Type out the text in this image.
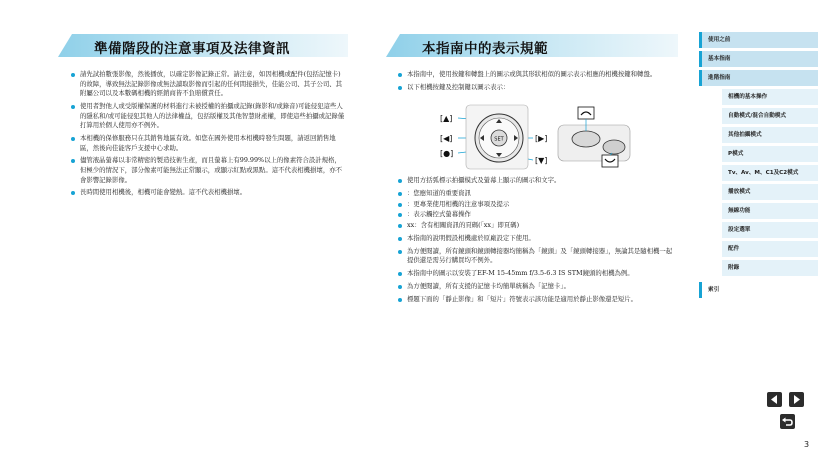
準備階段的注意事項及法律資訊
請先試拍數張影像，然後播放，以確定影像記錄正常。請注意，如因相機或配件(包括記憶卡)的故障，導致無法記錄影像或無法讀取影像而引起的任何間接損失，佳能公司、其子公司、其附屬公司以及本數碼相機的經銷商皆不負賠償責任。
使用者對他人或受版權保護的材料進行未被授權的拍攝或記錄(錄影和/或錄音)可能侵犯這些人的隱私和/或可能侵犯其他人的法律權益，包括版權及其他智慧財產權，即使這些拍攝或記錄僅打算用於個人使用亦不例外。
本相機的保修服務只在其銷售地區有效。如您在國外使用本相機時發生問題，請返回銷售地區，然後向佳能客戶支援中心求助。
儘管液晶螢幕以非常精密的製造技術生產，而且螢幕上有99.99%以上的像素符合設計規格，但極少的情況下，部分像素可能無法正常顯示，或顯示紅點或黑點。這不代表相機損壞，亦不會影響記錄影像。
長時間使用相機後，相機可能會變熱。這不代表相機損壞。
本指南中的表示規範
本指南中，使用按鍵和轉盤上的圖示或與其形狀相似的圖示表示相應的相機按鍵和轉盤。
以下相機按鍵及控制鍵以圖示表示：
[▲]
[◀]
[●]
[▶]
[▼]
SET
使用方括弧標示拍攝模式及螢幕上顯示的圖示和文字。
：您應知道的重要資訊
：更專業使用相機的注意事項及提示
：表示觸控式螢幕操作
xx：含有相關資訊的頁碼(「xx」即頁碼)
本指南的說明假設相機處於原廠設定下使用。
為方便閱讀，所有鏡頭和鏡頭轉接器均簡稱為「鏡頭」及「鏡頭轉接器」，無論其是隨相機一起提供還是需另行購買均不例外。
本指南中的圖示以安裝了EF-M 15-45mm f/3.5-6.3 IS STM鏡頭的相機為例。
為方便閱讀，所有支援的記憶卡均簡單統稱為「記憶卡」。
標題下面的「靜止影像」和「短片」符號表示該功能是適用於靜止影像還是短片。
使用之前
基本指南
進階指南
相機的基本操作
自動模式/混合自動模式
其他拍攝模式
P模式
Tv、Av、M、C1及C2模式
播放模式
無線功能
設定選單
配件
附錄
索引
3
